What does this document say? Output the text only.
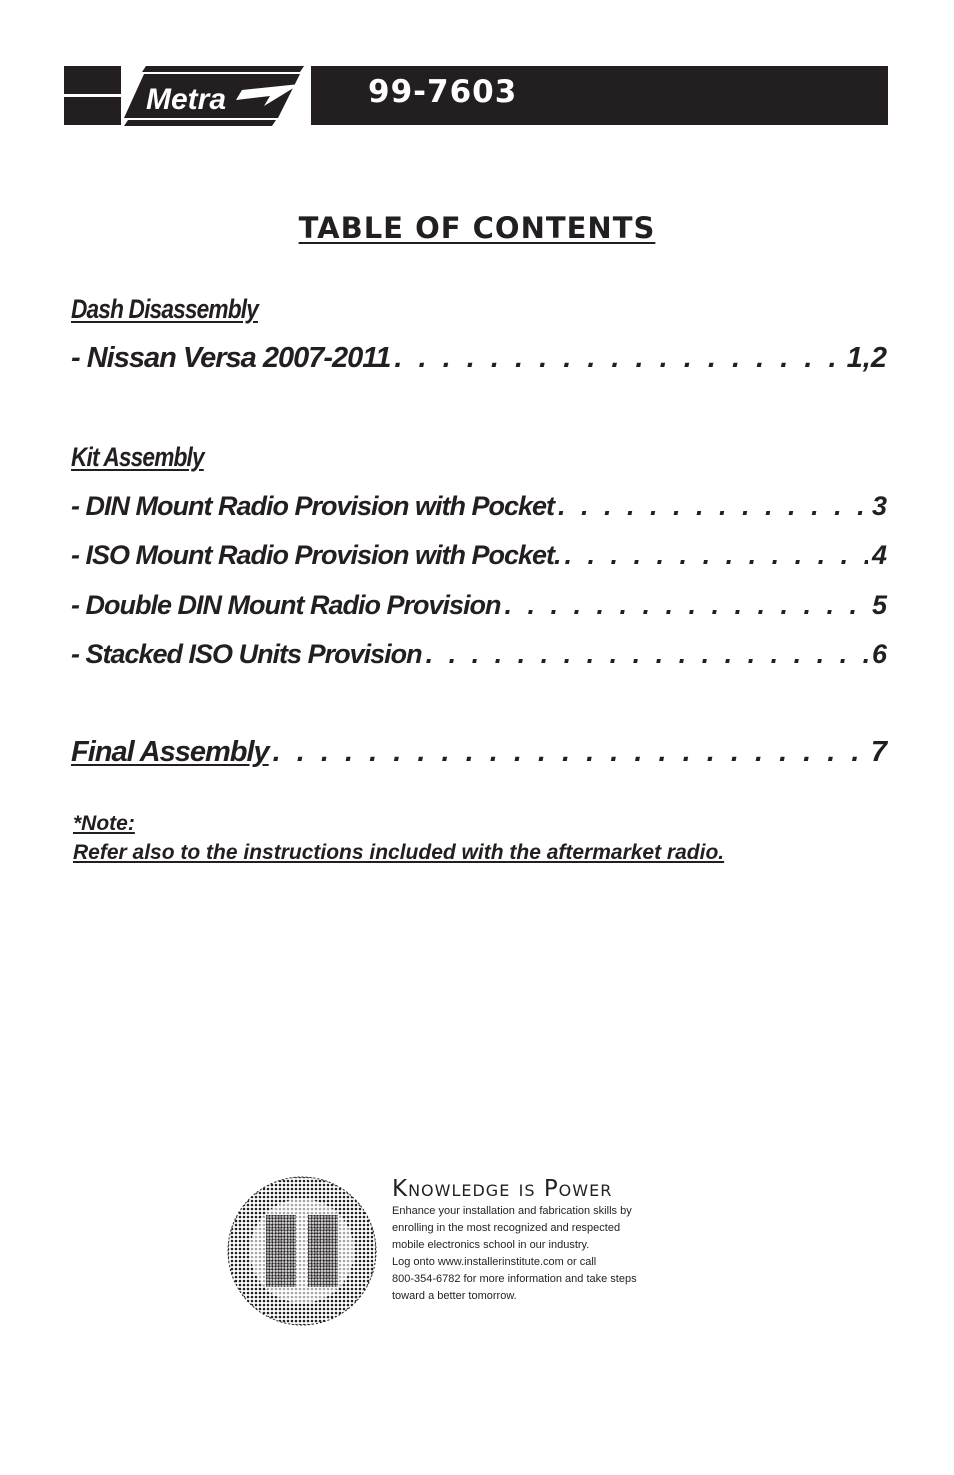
Metra	99-7603
TABLE OF CONTENTS
Dash Disassembly
- Nissan Versa 2007-2011 . . .	1,2
Kit Assembly
- DIN Mount Radio Provision with Pocket . . .	3
- ISO Mount Radio Provision with Pocket. . . .	4
- Double DIN Mount Radio Provision . . .	5
- Stacked ISO Units Provision . . .	6
Final Assembly . . .	7
*Note:
Refer also to the instructions included with the aftermarket radio.
Knowledge is Power
Enhance your installation and fabrication skills by
enrolling in the most recognized and respected
mobile electronics school in our industry.
Log onto www.installerinstitute.com or call
800-354-6782 for more information and take steps
toward a better tomorrow.
